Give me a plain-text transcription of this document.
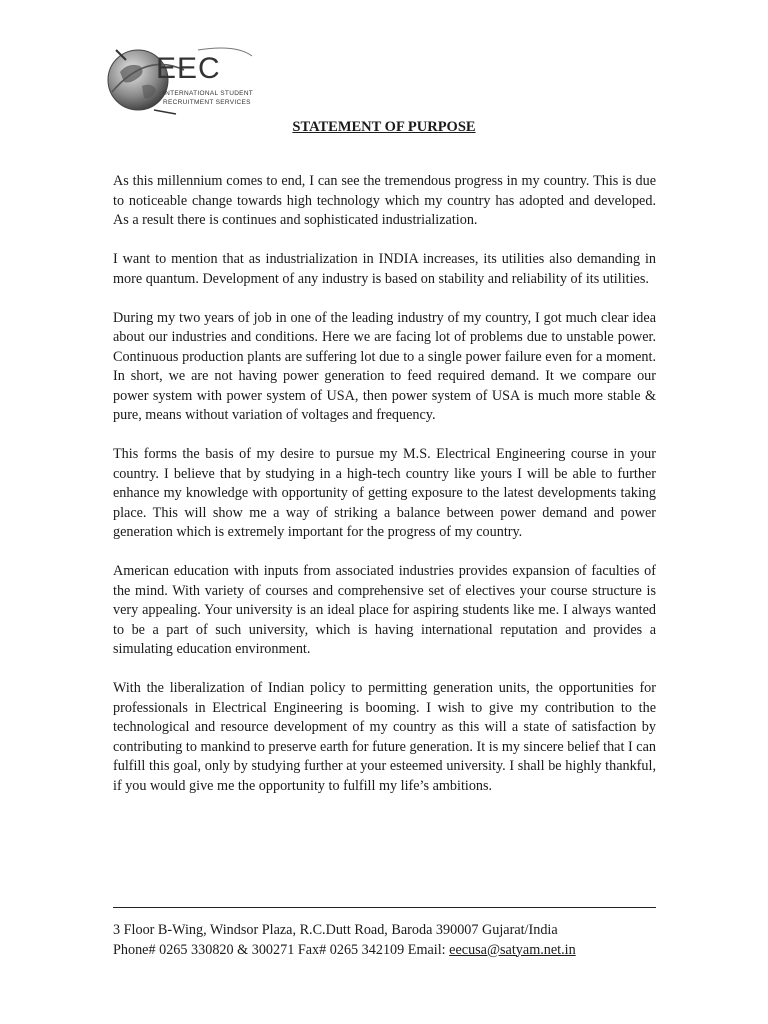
EEC
INTERNATIONAL STUDENT
RECRUITMENT SERVICES
STATEMENT OF PURPOSE

As this millennium comes to end, I can see the tremendous progress in my country. This is due to noticeable change towards high technology which my country has adopted and developed. As a result there is continues and sophisticated industrialization.

I want to mention that as industrialization in INDIA increases, its utilities also demanding in more quantum. Development of any industry is based on stability and reliability of its utilities.

During my two years of job in one of the leading industry of my country, I got much clear idea about our industries and conditions. Here we are facing lot of problems due to unstable power. Continuous production plants are suffering lot due to a single power failure even for a moment. In short, we are not having power generation to feed required demand. It we compare our power system with power system of USA, then power system of USA is much more stable & pure, means without variation of voltages and frequency.

This forms the basis of my desire to pursue my M.S. Electrical Engineering course in your country. I believe that by studying in a high-tech country like yours I will be able to further enhance my knowledge with opportunity of getting exposure to the latest developments taking place. This will show me a way of striking a balance between power demand and power generation which is extremely important for the progress of my country.

American education with inputs from associated industries provides expansion of faculties of the mind. With variety of courses and comprehensive set of electives your course structure is very appealing. Your university is an ideal place for aspiring students like me. I always wanted to be a part of such university, which is having international reputation and provides a simulating education environment.

With the liberalization of Indian policy to permitting generation units, the opportunities for professionals in Electrical Engineering is booming. I wish to give my contribution to the technological and resource development of my country as this will a state of satisfaction by contributing to mankind to preserve earth for future generation. It is my sincere belief that I can fulfill this goal, only by studying further at your esteemed university. I shall be highly thankful, if you would give me the opportunity to fulfill my life’s ambitions.

3 Floor B-Wing, Windsor Plaza, R.C.Dutt Road, Baroda 390007 Gujarat/India
Phone# 0265 330820 & 300271 Fax# 0265 342109 Email: eecusa@satyam.net.in
